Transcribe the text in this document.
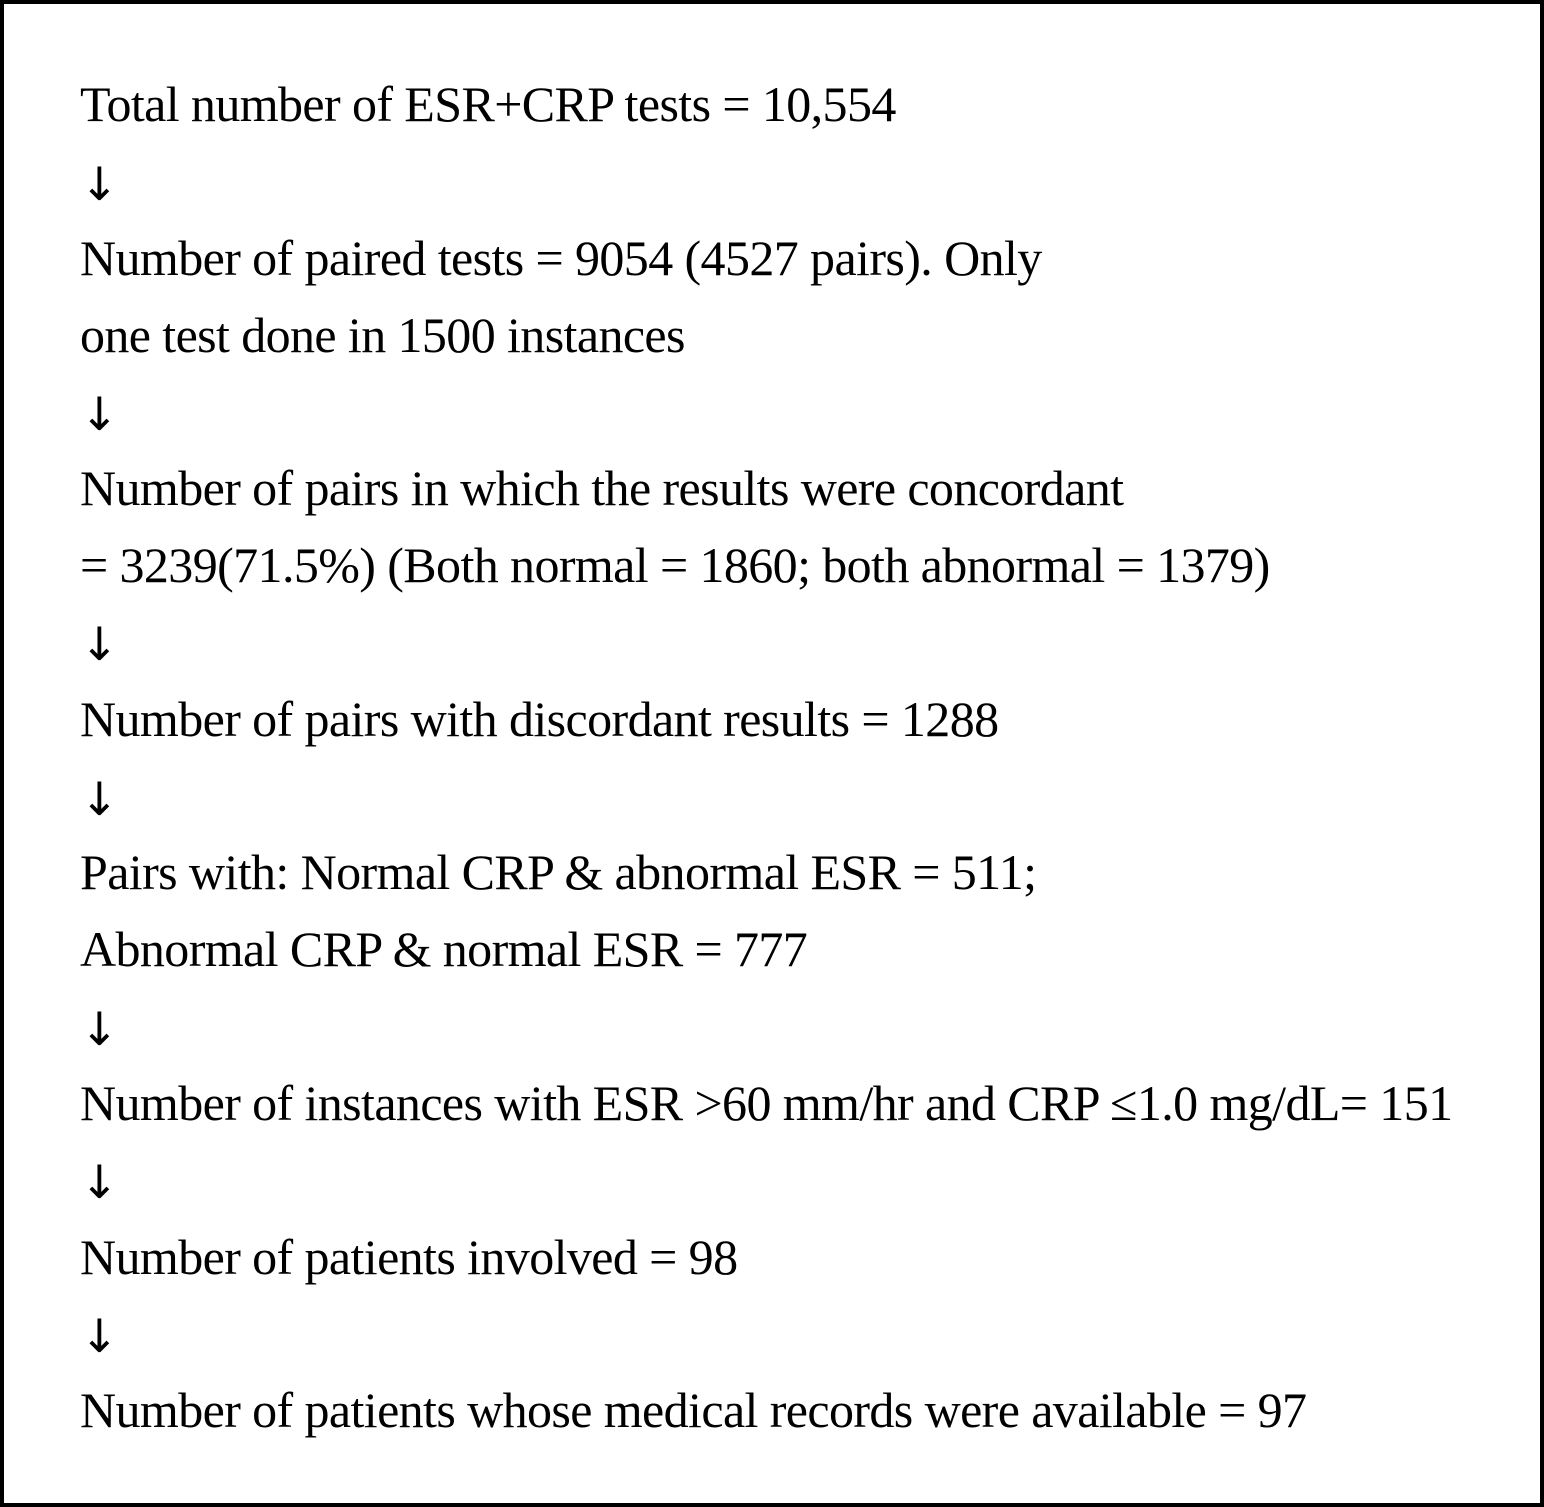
Total number of ESR+CRP tests = 10,554

↓

Number of paired tests = 9054 (4527 pairs). Only

one test done in 1500 instances

↓

Number of pairs in which the results were concordant

= 3239(71.5%) (Both normal = 1860; both abnormal = 1379)

↓

Number of pairs with discordant results = 1288

↓

Pairs with: Normal CRP & abnormal ESR = 511;

Abnormal CRP & normal ESR = 777

↓

Number of instances with ESR >60 mm/hr and CRP ≤1.0 mg/dL= 151

↓

Number of patients involved = 98

↓

Number of patients whose medical records were available = 97
